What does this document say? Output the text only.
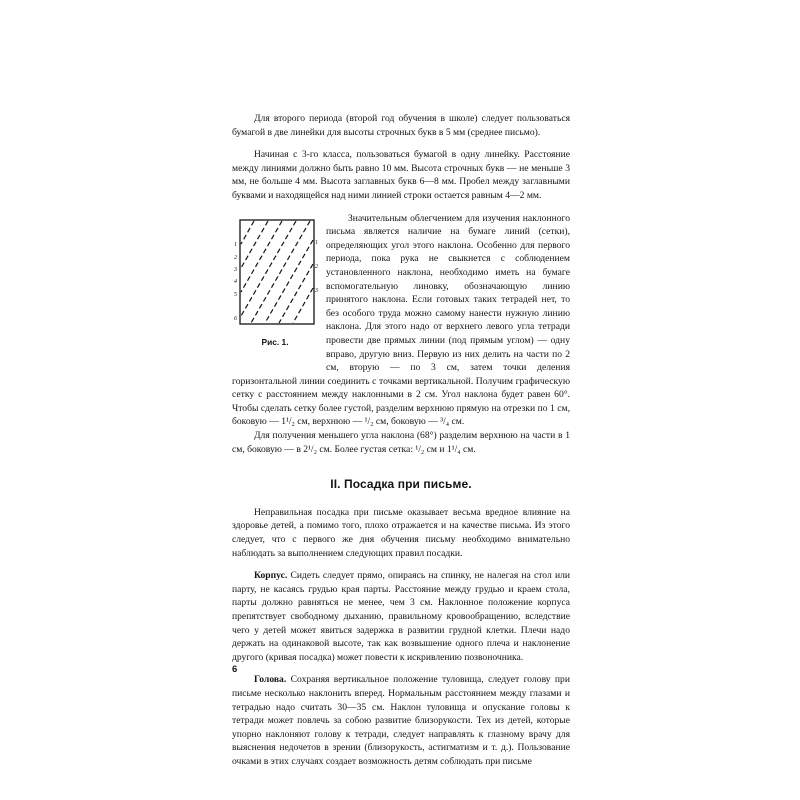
Для второго периода (второй год обучения в школе) следует пользоваться бумагой в две линейки для высоты строчных букв в 5 мм (среднее письмо).

Начиная с 3-го класса, пользоваться бумагой в одну линейку. Расстояние между линиями должно быть равно 10 мм. Высота строчных букв — не меньше 3 мм, не больше 4 мм. Высота заглавных букв 6—8 мм. Пробел между заглавными буквами и находящейся над ними линией строки остается равным 4—2 мм.

1
2
3
4
5
6
1
2
3
Рис. 1.

Значительным облегчением для изучения наклонного письма является наличие на бумаге линий (сетки), определяющих угол этого наклона. Особенно для первого периода, пока рука не свыкнется с соблюдением установленного наклона, необходимо иметь на бумаге вспомогательную линовку, обозначающую линию принятого наклона. Если готовых таких тетрадей нет, то без особого труда можно самому нанести нужную линию наклона. Для этого надо от верхнего левого угла тетради провести две прямых линии (под прямым углом) — одну вправо, другую вниз. Первую из них делить на части по 2 см, вторую — по 3 см, затем точки деления горизонтальной линии соединить с точками вертикальной. Получим графическую сетку с расстоянием между наклонными в 2 см. Угол наклона будет равен 60°. Чтобы сделать сетку более густой, разделим верхнюю прямую на отрезки по 1 см, боковую — 1¹/₂ см, верхнюю — ¹/₂ см, боковую — ³/₄ см.

Для получения меньшего угла наклона (68°) разделим верхнюю на части в 1 см, боковую — в 2¹/₂ см. Более густая сетка: ¹/₂ см и 1¹/₄ см.

II. Посадка при письме.

Неправильная посадка при письме оказывает весьма вредное влияние на здоровье детей, а помимо того, плохо отражается и на качестве письма. Из этого следует, что с первого же дня обучения письму необходимо внимательно наблюдать за выполнением следующих правил посадки.

Корпус. Сидеть следует прямо, опираясь на спинку, не налегая на стол или парту, не касаясь грудью края парты. Расстояние между грудью и краем стола, парты должно равняться не менее, чем 3 см. Наклонное положение корпуса препятствует свободному дыханию, правильному кровообращению, вследствие чего у детей может явиться задержка в развитии грудной клетки. Плечи надо держать на одинаковой высоте, так как возвышение одного плеча и наклонение другого (кривая посадка) может повести к искривлению позвоночника.

Голова. Сохраняя вертикальное положение туловища, следует голову при письме несколько наклонить вперед. Нормальным расстоянием между глазами и тетрадью надо считать 30—35 см. Наклон туловища и опускание головы к тетради может повлечь за собою развитие близорукости. Тех из детей, которые упорно наклоняют голову к тетради, следует направлять к глазному врачу для выяснения недочетов в зрении (близорукость, астигматизм и т. д.). Пользование очками в этих случаях создает возможность детям соблюдать при письме

6
